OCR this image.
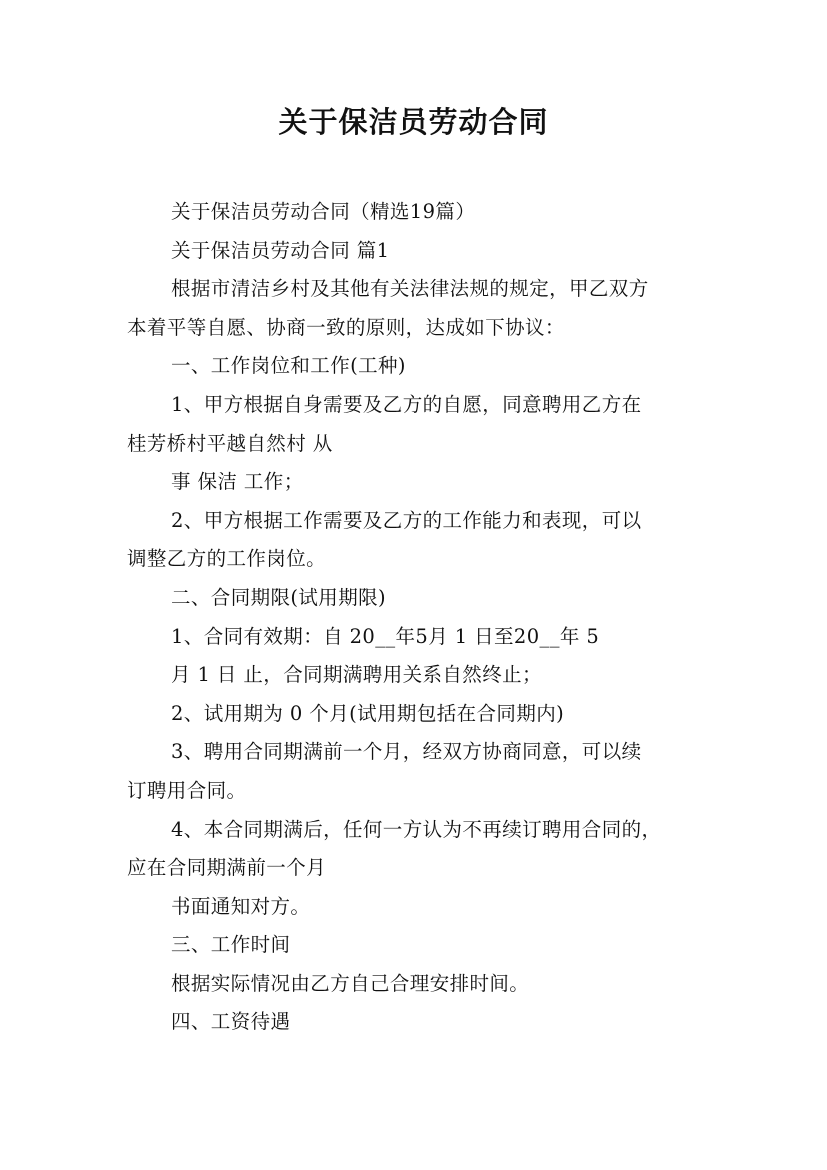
关于保洁员劳动合同
关于保洁员劳动合同（精选19篇）
关于保洁员劳动合同 篇1
根据市清洁乡村及其他有关法律法规的规定，甲乙双方
本着平等自愿、协商一致的原则，达成如下协议：
一、工作岗位和工作(工种)
1、甲方根据自身需要及乙方的自愿，同意聘用乙方在
桂芳桥村平越自然村 从
事 保洁 工作；
2、甲方根据工作需要及乙方的工作能力和表现，可以
调整乙方的工作岗位。
二、合同期限(试用期限)
1、合同有效期：自 20__年5月 1 日至20__年 5
月 1 日 止，合同期满聘用关系自然终止；
2、试用期为 0 个月(试用期包括在合同期内)
3、聘用合同期满前一个月，经双方协商同意，可以续
订聘用合同。
4、本合同期满后，任何一方认为不再续订聘用合同的，
应在合同期满前一个月
书面通知对方。
三、工作时间
根据实际情况由乙方自己合理安排时间。
四、工资待遇
